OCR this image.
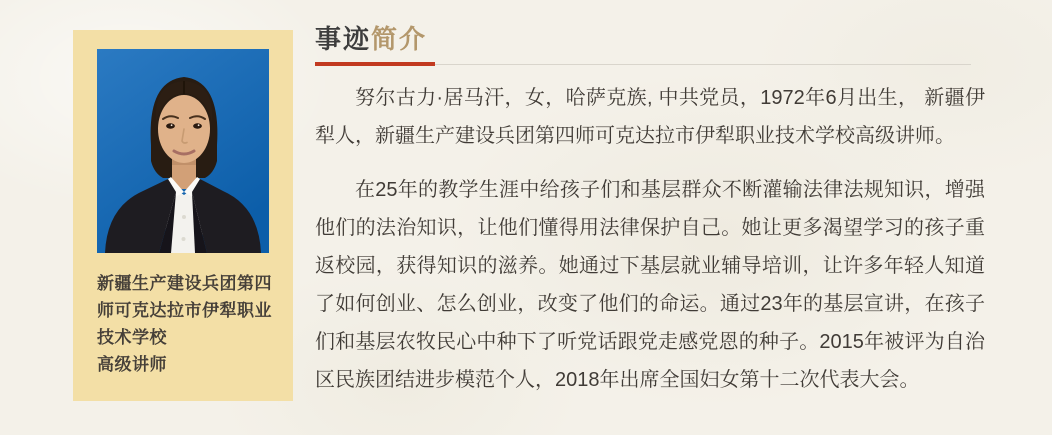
新疆生产建设兵团第四
师可克达拉市伊犁职业
技术学校
高级讲师
事迹简介

努尔古力·居马汗，女，哈萨克族, 中共党员，1972年6月出生， 新疆伊犁人，新疆生产建设兵团第四师可克达拉市伊犁职业技术学校高级讲师。

在25年的教学生涯中给孩子们和基层群众不断灌输法律法规知识，增强他们的法治知识，让他们懂得用法律保护自己。她让更多渴望学习的孩子重返校园，获得知识的滋养。她通过下基层就业辅导培训，让许多年轻人知道了如何创业、怎么创业，改变了他们的命运。通过23年的基层宣讲，在孩子们和基层农牧民心中种下了听党话跟党走感党恩的种子。2015年被评为自治区民族团结进步模范个人，2018年出席全国妇女第十二次代表大会。
